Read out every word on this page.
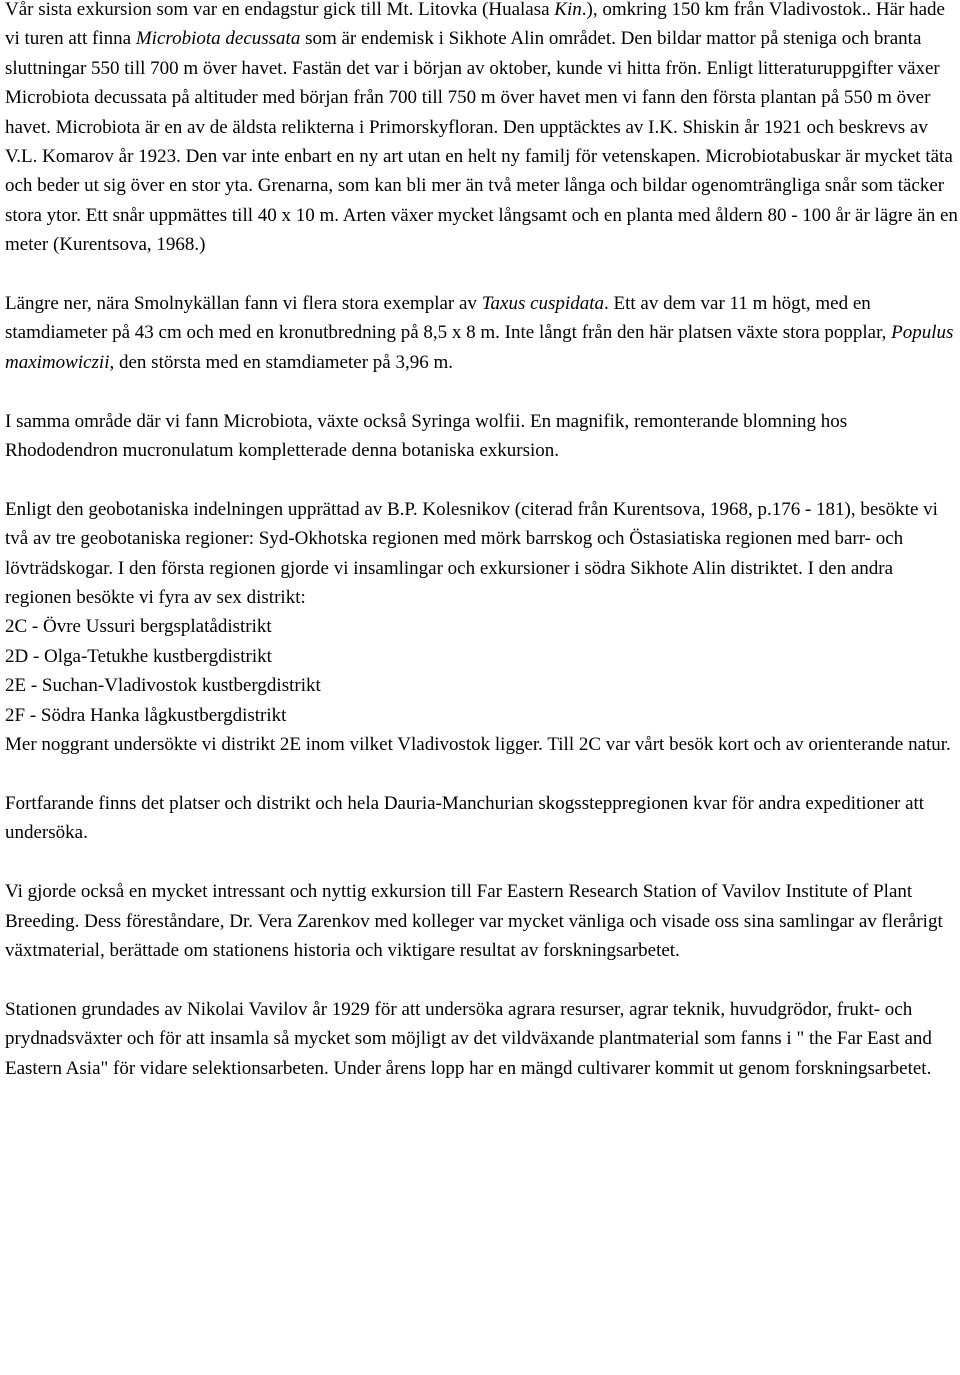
Vår sista exkursion som var en endagstur gick till Mt. Litovka (Hualasa Kin.), omkring 150 km från Vladivostok.. Här hade vi turen att finna Microbiota decussata som är endemisk i Sikhote Alin området. Den bildar mattor på steniga och branta sluttningar 550 till 700 m över havet. Fastän det var i början av oktober, kunde vi hitta frön. Enligt litteraturuppgifter växer Microbiota decussata på altituder med början från 700 till 750 m över havet men vi fann den första plantan på 550 m över havet. Microbiota är en av de äldsta relikterna i Primorskyfloran. Den upptäcktes av I.K. Shiskin år 1921 och beskrevs av V.L. Komarov år 1923. Den var inte enbart en ny art utan en helt ny familj för vetenskapen. Microbiotabuskar är mycket täta och beder ut sig över en stor yta. Grenarna, som kan bli mer än två meter långa och bildar ogenomträngliga snår som täcker stora ytor. Ett snår uppmättes till 40 x 10 m. Arten växer mycket långsamt och en planta med åldern 80 - 100 år är lägre än en meter (Kurentsova, 1968.)

Längre ner, nära Smolnykällan fann vi flera stora exemplar av Taxus cuspidata. Ett av dem var 11 m högt, med en stamdiameter på 43 cm och med en kronutbredning på 8,5 x 8 m. Inte långt från den här platsen växte stora popplar, Populus maximowiczii, den största med en stamdiameter på 3,96 m.

I samma område där vi fann Microbiota, växte också Syringa wolfii. En magnifik, remonterande blomning hos Rhododendron mucronulatum kompletterade denna botaniska exkursion.

Enligt den geobotaniska indelningen upprättad av B.P. Kolesnikov (citerad från Kurentsova, 1968, p.176 - 181), besökte vi två av tre geobotaniska regioner: Syd-Okhotska regionen med mörk barrskog och Östasiatiska regionen med barr- och lövträdskogar. I den första regionen gjorde vi insamlingar och exkursioner i södra Sikhote Alin distriktet. I den andra regionen besökte vi fyra av sex distrikt:
2C - Övre Ussuri bergsplatådistrikt
2D - Olga-Tetukhe kustbergdistrikt
2E - Suchan-Vladivostok kustbergdistrikt
2F - Södra Hanka lågkustbergdistrikt
Mer noggrant undersökte vi distrikt 2E inom vilket Vladivostok ligger. Till 2C var vårt besök kort och av orienterande natur.

Fortfarande finns det platser och distrikt och hela Dauria-Manchurian skogssteppregionen kvar för andra expeditioner att undersöka.

Vi gjorde också en mycket intressant och nyttig exkursion till Far Eastern Research Station of Vavilov Institute of Plant Breeding. Dess föreståndare, Dr. Vera Zarenkov med kolleger var mycket vänliga och visade oss sina samlingar av flerårigt växtmaterial, berättade om stationens historia och viktigare resultat av forskningsarbetet.

Stationen grundades av Nikolai Vavilov år 1929 för att undersöka agrara resurser, agrar teknik, huvudgrödor, frukt- och prydnadsväxter och för att insamla så mycket som möjligt av det vildväxande plantmaterial som fanns i " the Far East and Eastern Asia" för vidare selektionsarbeten. Under årens lopp har en mängd cultivarer kommit ut genom forskningsarbetet.
